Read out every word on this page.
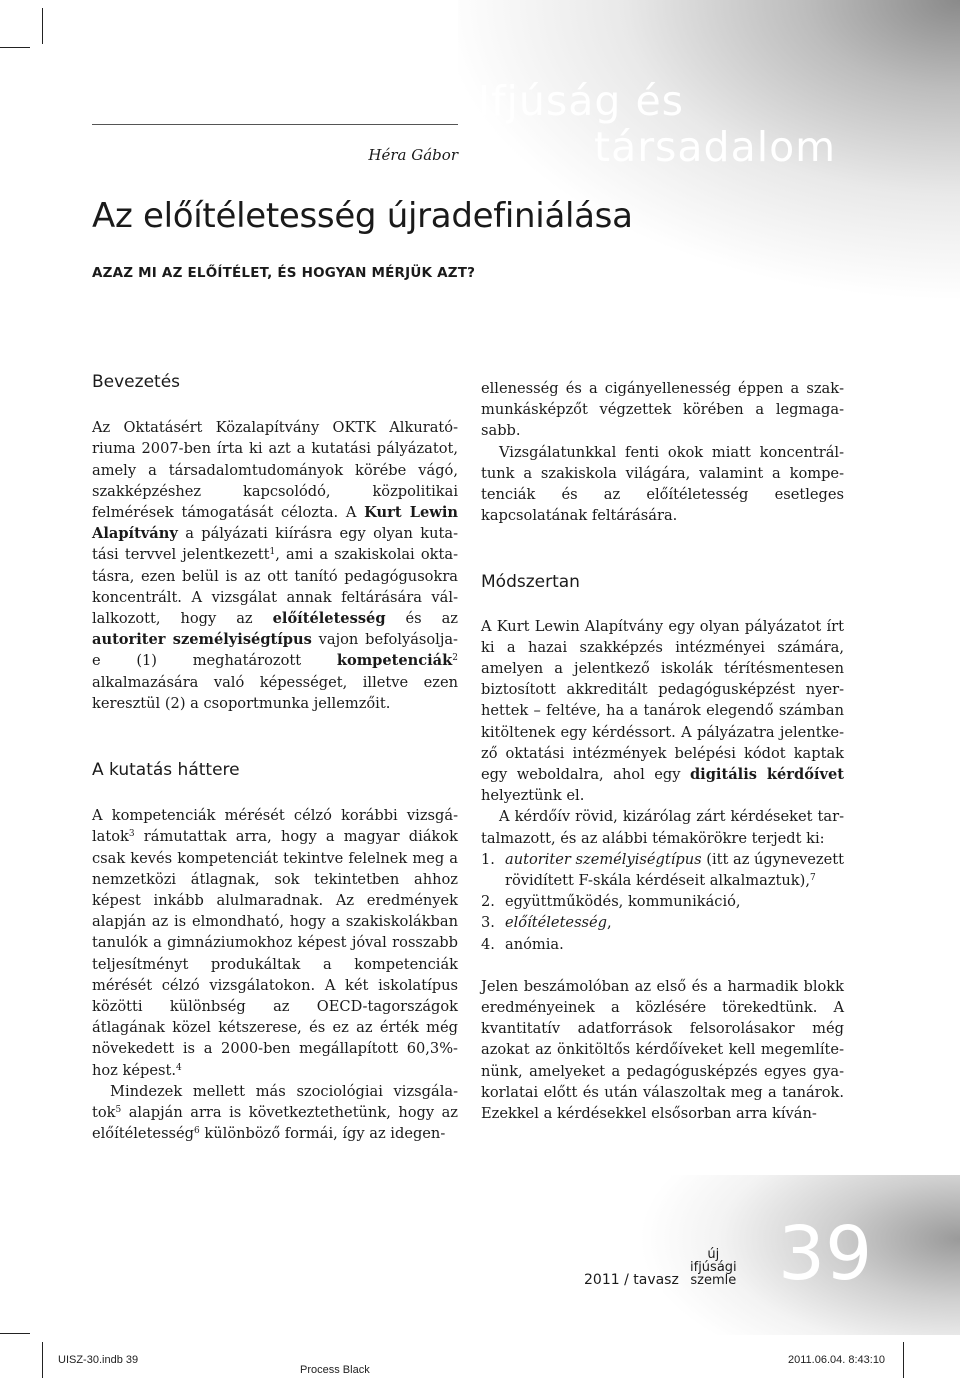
Héra Gábor
Ifjúság és
társadalom
Az előítéletesség újradefiniálása
AZAZ MI AZ ELŐÍTÉLET, ÉS HOGYAN MÉRJÜK AZT?
Bevezetés

Az Oktatásért Közalapítvány OKTK Alkuratóriuma 2007-ben írta ki azt a kutatási pályázatot, amely a társadalomtudományok körébe vágó, szakképzéshez kapcsolódó, közpolitikai felmérések támogatását célozta. A Kurt Lewin Alapítvány a pályázati kiírásra egy olyan kutatási tervvel jelentkezett$^1$, ami a szakiskolai oktatásra, ezen belül is az ott tanító pedagógusokra koncentrált. A vizsgálat annak feltárására vállalkozott, hogy az előítéletesség és az autoriter személyiségtípus vajon befolyásolja-e (1) meghatározott kompetenciák$^2$ alkalmazására való képességet, illetve ezen keresztül (2) a csoportmunka jellemzőit.

A kutatás háttere

A kompetenciák mérését célzó korábbi vizsgálatok$^3$ rámutattak arra, hogy a magyar diákok csak kevés kompetenciát tekintve felelnek meg a nemzetközi átlagnak, sok tekintetben ahhoz képest inkább alulmaradnak. Az eredmények alapján az is elmondható, hogy a szakiskolákban tanulók a gimnáziumokhoz képest jóval rosszabb teljesítményt produkáltak a kompetenciák mérését célzó vizsgálatokon. A két iskolatípus közötti különbség az OECD-tagországok átlagának közel kétszerese, és ez az érték még növekedett is a 2000-ben megállapított 60,3%-hoz képest.$^4$

Mindezek mellett más szociológiai vizsgálatok$^5$ alapján arra is következtethetünk, hogy az előítéletesség$^6$ különböző formái, így az idegen-

ellenesség és a cigányellenesség éppen a szakmunkásképzőt végzettek körében a legmagasabb.

Vizsgálatunkkal fenti okok miatt koncentráltunk a szakiskola világára, valamint a kompetenciák és az előítéletesség esetleges kapcsolatának feltárására.

Módszertan

A Kurt Lewin Alapítvány egy olyan pályázatot írt ki a hazai szakképzés intézményei számára, amelyen a jelentkező iskolák térítésmentesen biztosított akkreditált pedagógusképzést nyerhettek – feltéve, ha a tanárok elegendő számban kitöltenek egy kérdéssort. A pályázatra jelentkező oktatási intézmények belépési kódot kaptak egy weboldalra, ahol egy digitális kérdőívet helyeztünk el.

A kérdőív rövid, kizárólag zárt kérdéseket tartalmazott, és az alábbi témakörökre terjedt ki:

1. autoriter személyiségtípus (itt az úgynevezett rövidített F-skála kérdéseit alkalmaztuk),$^7$
2. együttműködés, kommunikáció,
3. előítéletesség,
4. anómia.

Jelen beszámolóban az első és a harmadik blokk eredményeinek a közlésére törekedtünk. A kvantitatív adatforrások felsorolásakor még azokat az önkitöltős kérdőíveket kell megemlítenünk, amelyeket a pedagógusképzés egyes gyakorlatai előtt és után válaszoltak meg a tanárok. Ezekkel a kérdésekkel elsősorban arra kíván-

2011 / tavasz
új
ifjúsági
szemle 39
UISZ-30.indb 39
Process Black
2011.06.04. 8:43:10
